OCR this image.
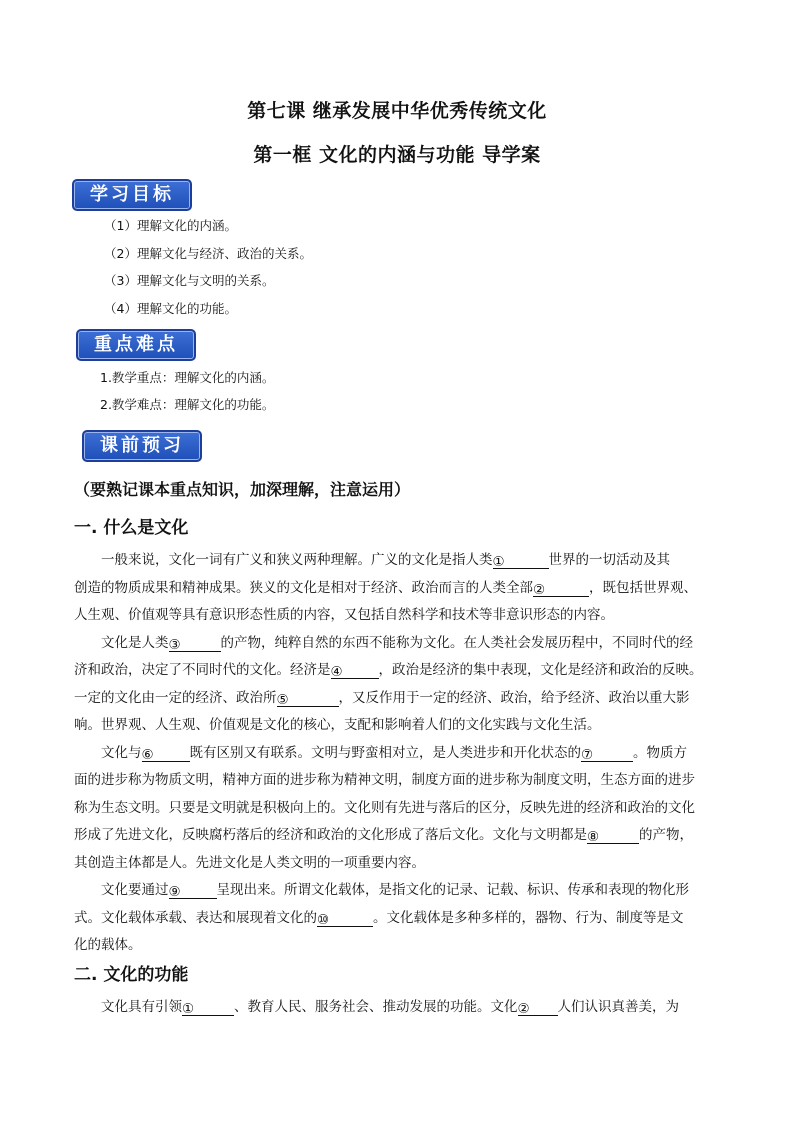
第七课 继承发展中华优秀传统文化
第一框 文化的内涵与功能 导学案
学习目标
（1）理解文化的内涵。
（2）理解文化与经济、政治的关系。
（3）理解文化与文明的关系。
（4）理解文化的功能。
重点难点
1.教学重点：理解文化的内涵。
2.教学难点：理解文化的功能。
课前预习
（要熟记课本重点知识，加深理解，注意运用）
一. 什么是文化
　　一般来说，文化一词有广义和狭义两种理解。广义的文化是指人类①	世界的一切活动及其
创造的物质成果和精神成果。狭义的文化是相对于经济、政治而言的人类全部②	，既包括世界观、
人生观、价值观等具有意识形态性质的内容，又包括自然科学和技术等非意识形态的内容。
　　文化是人类③	的产物，纯粹自然的东西不能称为文化。在人类社会发展历程中，不同时代的经
济和政治，决定了不同时代的文化。经济是④	，政治是经济的集中表现，文化是经济和政治的反映。
一定的文化由一定的经济、政治所⑤	，又反作用于一定的经济、政治，给予经济、政治以重大影
响。世界观、人生观、价值观是文化的核心，支配和影响着人们的文化实践与文化生活。
　　文化与⑥	既有区别又有联系。文明与野蛮相对立，是人类进步和开化状态的⑦	。物质方
面的进步称为物质文明，精神方面的进步称为精神文明，制度方面的进步称为制度文明，生态方面的进步
称为生态文明。只要是文明就是积极向上的。文化则有先进与落后的区分，反映先进的经济和政治的文化
形成了先进文化，反映腐朽落后的经济和政治的文化形成了落后文化。文化与文明都是⑧	的产物，
其创造主体都是人。先进文化是人类文明的一项重要内容。
　　文化要通过⑨	呈现出来。所谓文化载体，是指文化的记录、记载、标识、传承和表现的物化形
式。文化载体承载、表达和展现着文化的⑩	。文化载体是多种多样的，器物、行为、制度等是文
化的载体。
二. 文化的功能
　　文化具有引领①	、教育人民、服务社会、推动发展的功能。文化② 人们认识真善美，为
